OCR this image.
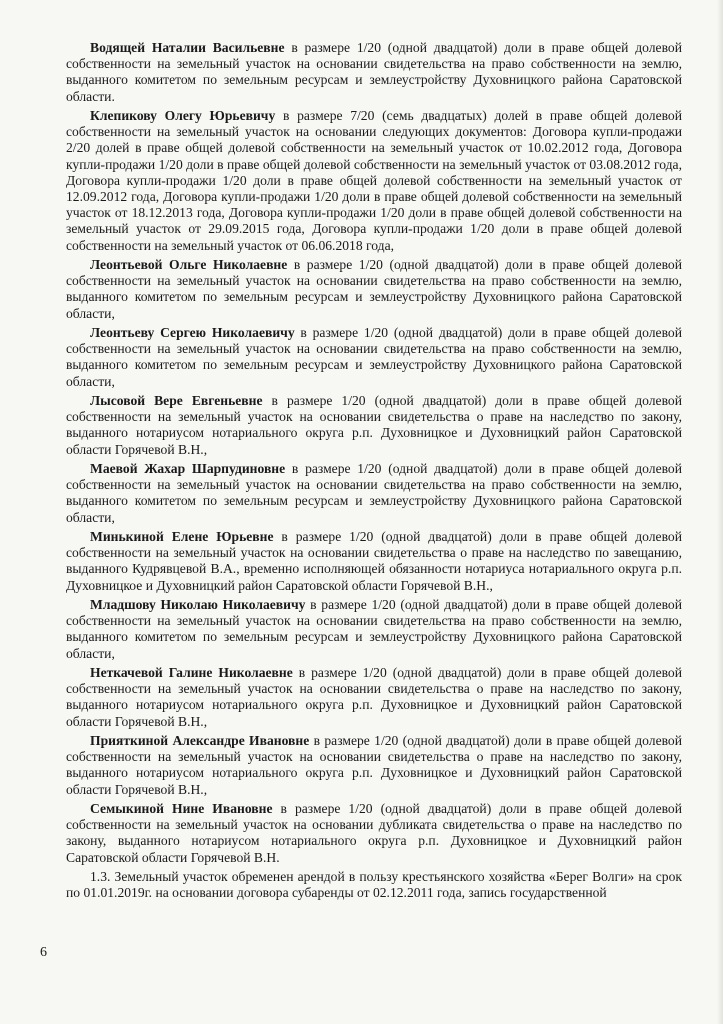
Водящей Наталии Васильевне в размере 1/20 (одной двадцатой) доли в праве общей долевой собственности на земельный участок на основании свидетельства на право собственности на землю, выданного комитетом по земельным ресурсам и землеустройству Духовницкого района Саратовской области.

Клепикову Олегу Юрьевичу в размере 7/20 (семь двадцатых) долей в праве общей долевой собственности на земельный участок на основании следующих документов: Договора купли-продажи 2/20 долей в праве общей долевой собственности на земельный участок от 10.02.2012 года, Договора купли-продажи 1/20 доли в праве общей долевой собственности на земельный участок от 03.08.2012 года, Договора купли-продажи 1/20 доли в праве общей долевой собственности на земельный участок от 12.09.2012 года, Договора купли-продажи 1/20 доли в праве общей долевой собственности на земельный участок от 18.12.2013 года, Договора купли-продажи 1/20 доли в праве общей долевой собственности на земельный участок от 29.09.2015 года, Договора купли-продажи 1/20 доли в праве общей долевой собственности на земельный участок от 06.06.2018 года,

Леонтьевой Ольге Николаевне в размере 1/20 (одной двадцатой) доли в праве общей долевой собственности на земельный участок на основании свидетельства на право собственности на землю, выданного комитетом по земельным ресурсам и землеустройству Духовницкого района Саратовской области,

Леонтьеву Сергею Николаевичу в размере 1/20 (одной двадцатой) доли в праве общей долевой собственности на земельный участок на основании свидетельства на право собственности на землю, выданного комитетом по земельным ресурсам и землеустройству Духовницкого района Саратовской области,

Лысовой Вере Евгеньевне в размере 1/20 (одной двадцатой) доли в праве общей долевой собственности на земельный участок на основании свидетельства о праве на наследство по закону, выданного нотариусом нотариального округа р.п. Духовницкое и Духовницкий район Саратовской области Горячевой В.Н.,

Маевой Жахар Шарпудиновне в размере 1/20 (одной двадцатой) доли в праве общей долевой собственности на земельный участок на основании свидетельства на право собственности на землю, выданного комитетом по земельным ресурсам и землеустройству Духовницкого района Саратовской области,

Минькиной Елене Юрьевне в размере 1/20 (одной двадцатой) доли в праве общей долевой собственности на земельный участок на основании свидетельства о праве на наследство по завещанию, выданного Кудрявцевой В.А., временно исполняющей обязанности нотариуса нотариального округа р.п. Духовницкое и Духовницкий район Саратовской области Горячевой В.Н.,

Младшову Николаю Николаевичу в размере 1/20 (одной двадцатой) доли в праве общей долевой собственности на земельный участок на основании свидетельства на право собственности на землю, выданного комитетом по земельным ресурсам и землеустройству Духовницкого района Саратовской области,

Неткачевой Галине Николаевне в размере 1/20 (одной двадцатой) доли в праве общей долевой собственности на земельный участок на основании свидетельства о праве на наследство по закону, выданного нотариусом нотариального округа р.п. Духовницкое и Духовницкий район Саратовской области Горячевой В.Н.,

Прияткиной Александре Ивановне в размере 1/20 (одной двадцатой) доли в праве общей долевой собственности на земельный участок на основании свидетельства о праве на наследство по закону, выданного нотариусом нотариального округа р.п. Духовницкое и Духовницкий район Саратовской области Горячевой В.Н.,

Семыкиной Нине Ивановне в размере 1/20 (одной двадцатой) доли в праве общей долевой собственности на земельный участок на основании дубликата свидетельства о праве на наследство по закону, выданного нотариусом нотариального округа р.п. Духовницкое и Духовницкий район Саратовской области Горячевой В.Н.

1.3. Земельный участок обременен арендой в пользу крестьянского хозяйства «Берег Волги» на срок по 01.01.2019г. на основании договора субаренды от 02.12.2011 года, запись государственной

6
